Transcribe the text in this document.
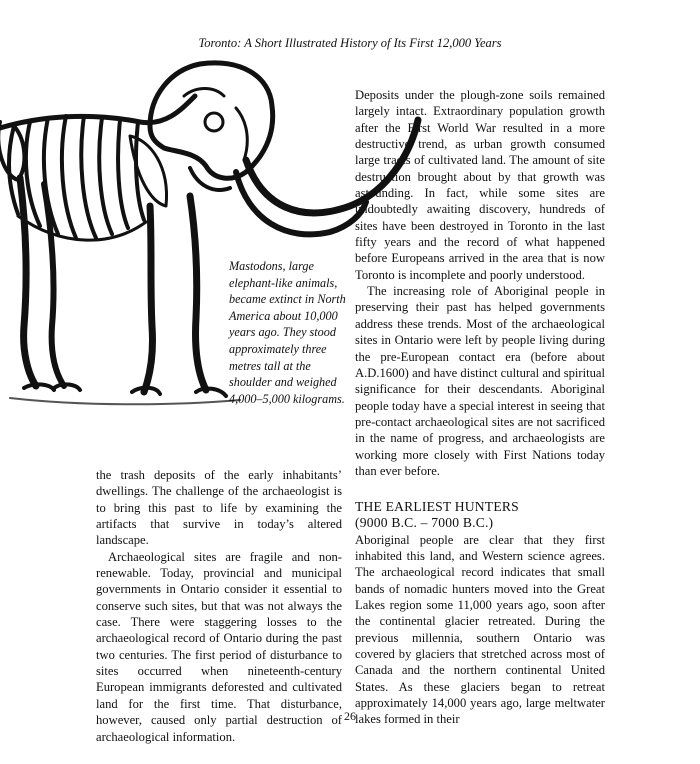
Toronto: A Short Illustrated History of Its First 12,000 Years

Mastodons, large elephant-like animals, became extinct in North America about 10,000 years ago. They stood approximately three metres tall at the shoulder and weighed 4,000–5,000 kilograms.

Deposits under the plough-zone soils remained largely intact. Extraordinary population growth after the First World War resulted in a more destructive trend, as urban growth consumed large tracts of cultivated land. The amount of site destruction brought about by that growth was astounding. In fact, while some sites are undoubtedly awaiting discovery, hundreds of sites have been destroyed in Toronto in the last fifty years and the record of what happened before Europeans arrived in the area that is now Toronto is incomplete and poorly understood.

The increasing role of Aboriginal people in preserving their past has helped governments address these trends. Most of the archaeological sites in Ontario were left by people living during the pre-European contact era (before about A.D.1600) and have distinct cultural and spiritual significance for their descendants. Aboriginal people today have a special interest in seeing that pre-contact archaeological sites are not sacrificed in the name of progress, and archaeologists are working more closely with First Nations today than ever before.

the trash deposits of the early inhabitants’ dwellings. The challenge of the archaeologist is to bring this past to life by examining the artifacts that survive in today’s altered landscape.

Archaeological sites are fragile and non-renewable. Today, provincial and municipal governments in Ontario consider it essential to conserve such sites, but that was not always the case. There were staggering losses to the archaeological record of Ontario during the past two centuries. The first period of disturbance to sites occurred when nineteenth-century European immigrants deforested and cultivated land for the first time. That disturbance, however, caused only partial destruction of archaeological information.

THE EARLIEST HUNTERS
(9000 B.C. – 7000 B.C.)

Aboriginal people are clear that they first inhabited this land, and Western science agrees. The archaeological record indicates that small bands of nomadic hunters moved into the Great Lakes region some 11,000 years ago, soon after the continental glacier retreated. During the previous millennia, southern Ontario was covered by glaciers that stretched across most of Canada and the northern continental United States. As these glaciers began to retreat approximately 14,000 years ago, large meltwater lakes formed in their

26
